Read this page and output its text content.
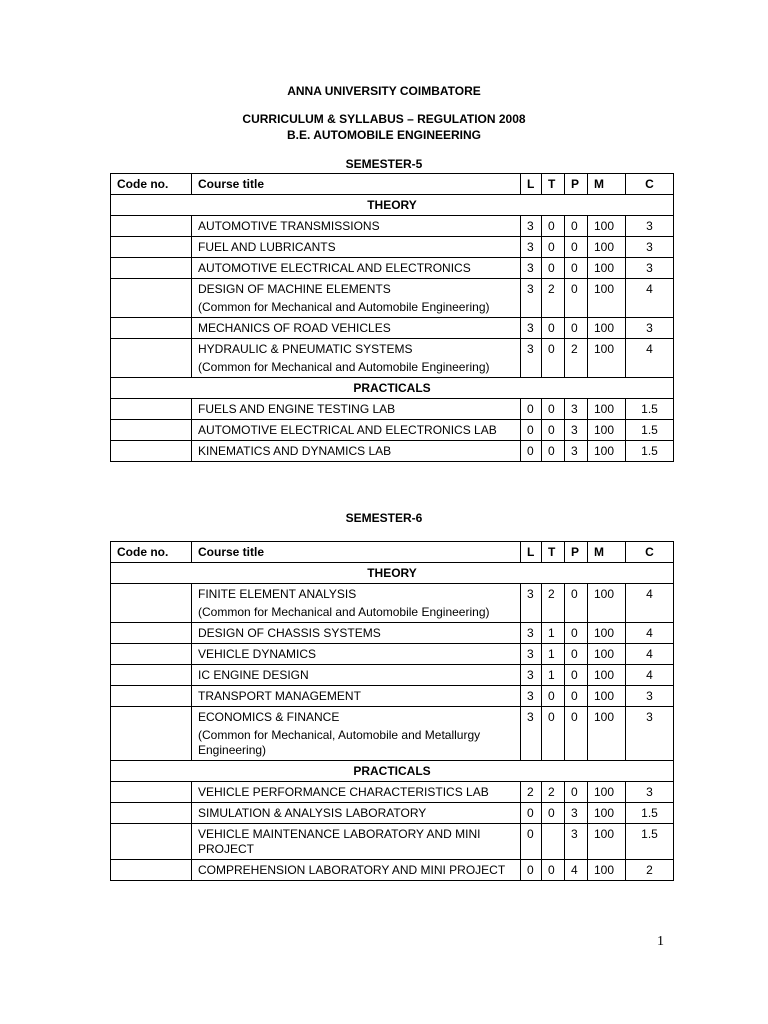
ANNA UNIVERSITY COIMBATORE
CURRICULUM & SYLLABUS – REGULATION 2008
B.E. AUTOMOBILE ENGINEERING
SEMESTER-5
Code no.	Course title	L	T	P	M	C
THEORY						
	AUTOMOTIVE TRANSMISSIONS	3	0	0	100	3
	FUEL AND LUBRICANTS	3	0	0	100	3
	AUTOMOTIVE ELECTRICAL AND ELECTRONICS	3	0	0	100	3
	DESIGN OF MACHINE ELEMENTS
(Common for Mechanical and Automobile Engineering)	3	2	0	100	4
	MECHANICS OF ROAD VEHICLES	3	0	0	100	3
	HYDRAULIC & PNEUMATIC SYSTEMS
(Common for Mechanical and Automobile Engineering)	3	0	2	100	4
PRACTICALS						
	FUELS AND ENGINE TESTING LAB	0	0	3	100	1.5
	AUTOMOTIVE ELECTRICAL AND ELECTRONICS LAB	0	0	3	100	1.5
	KINEMATICS AND DYNAMICS LAB	0	0	3	100	1.5
SEMESTER-6
Code no.	Course title	L	T	P	M	C
THEORY						
	FINITE ELEMENT ANALYSIS
(Common for Mechanical and Automobile Engineering)	3	2	0	100	4
	DESIGN OF CHASSIS SYSTEMS	3	1	0	100	4
	VEHICLE DYNAMICS	3	1	0	100	4
	IC ENGINE DESIGN	3	1	0	100	4
	TRANSPORT MANAGEMENT	3	0	0	100	3
	ECONOMICS & FINANCE
(Common for Mechanical, Automobile and Metallurgy Engineering)	3	0	0	100	3
PRACTICALS						
	VEHICLE PERFORMANCE CHARACTERISTICS LAB	2	2	0	100	3
	SIMULATION & ANALYSIS LABORATORY	0	0	3	100	1.5
	VEHICLE MAINTENANCE LABORATORY AND MINI PROJECT	0		3	100	1.5
	COMPREHENSION LABORATORY AND MINI PROJECT	0	0	4	100	2
1
